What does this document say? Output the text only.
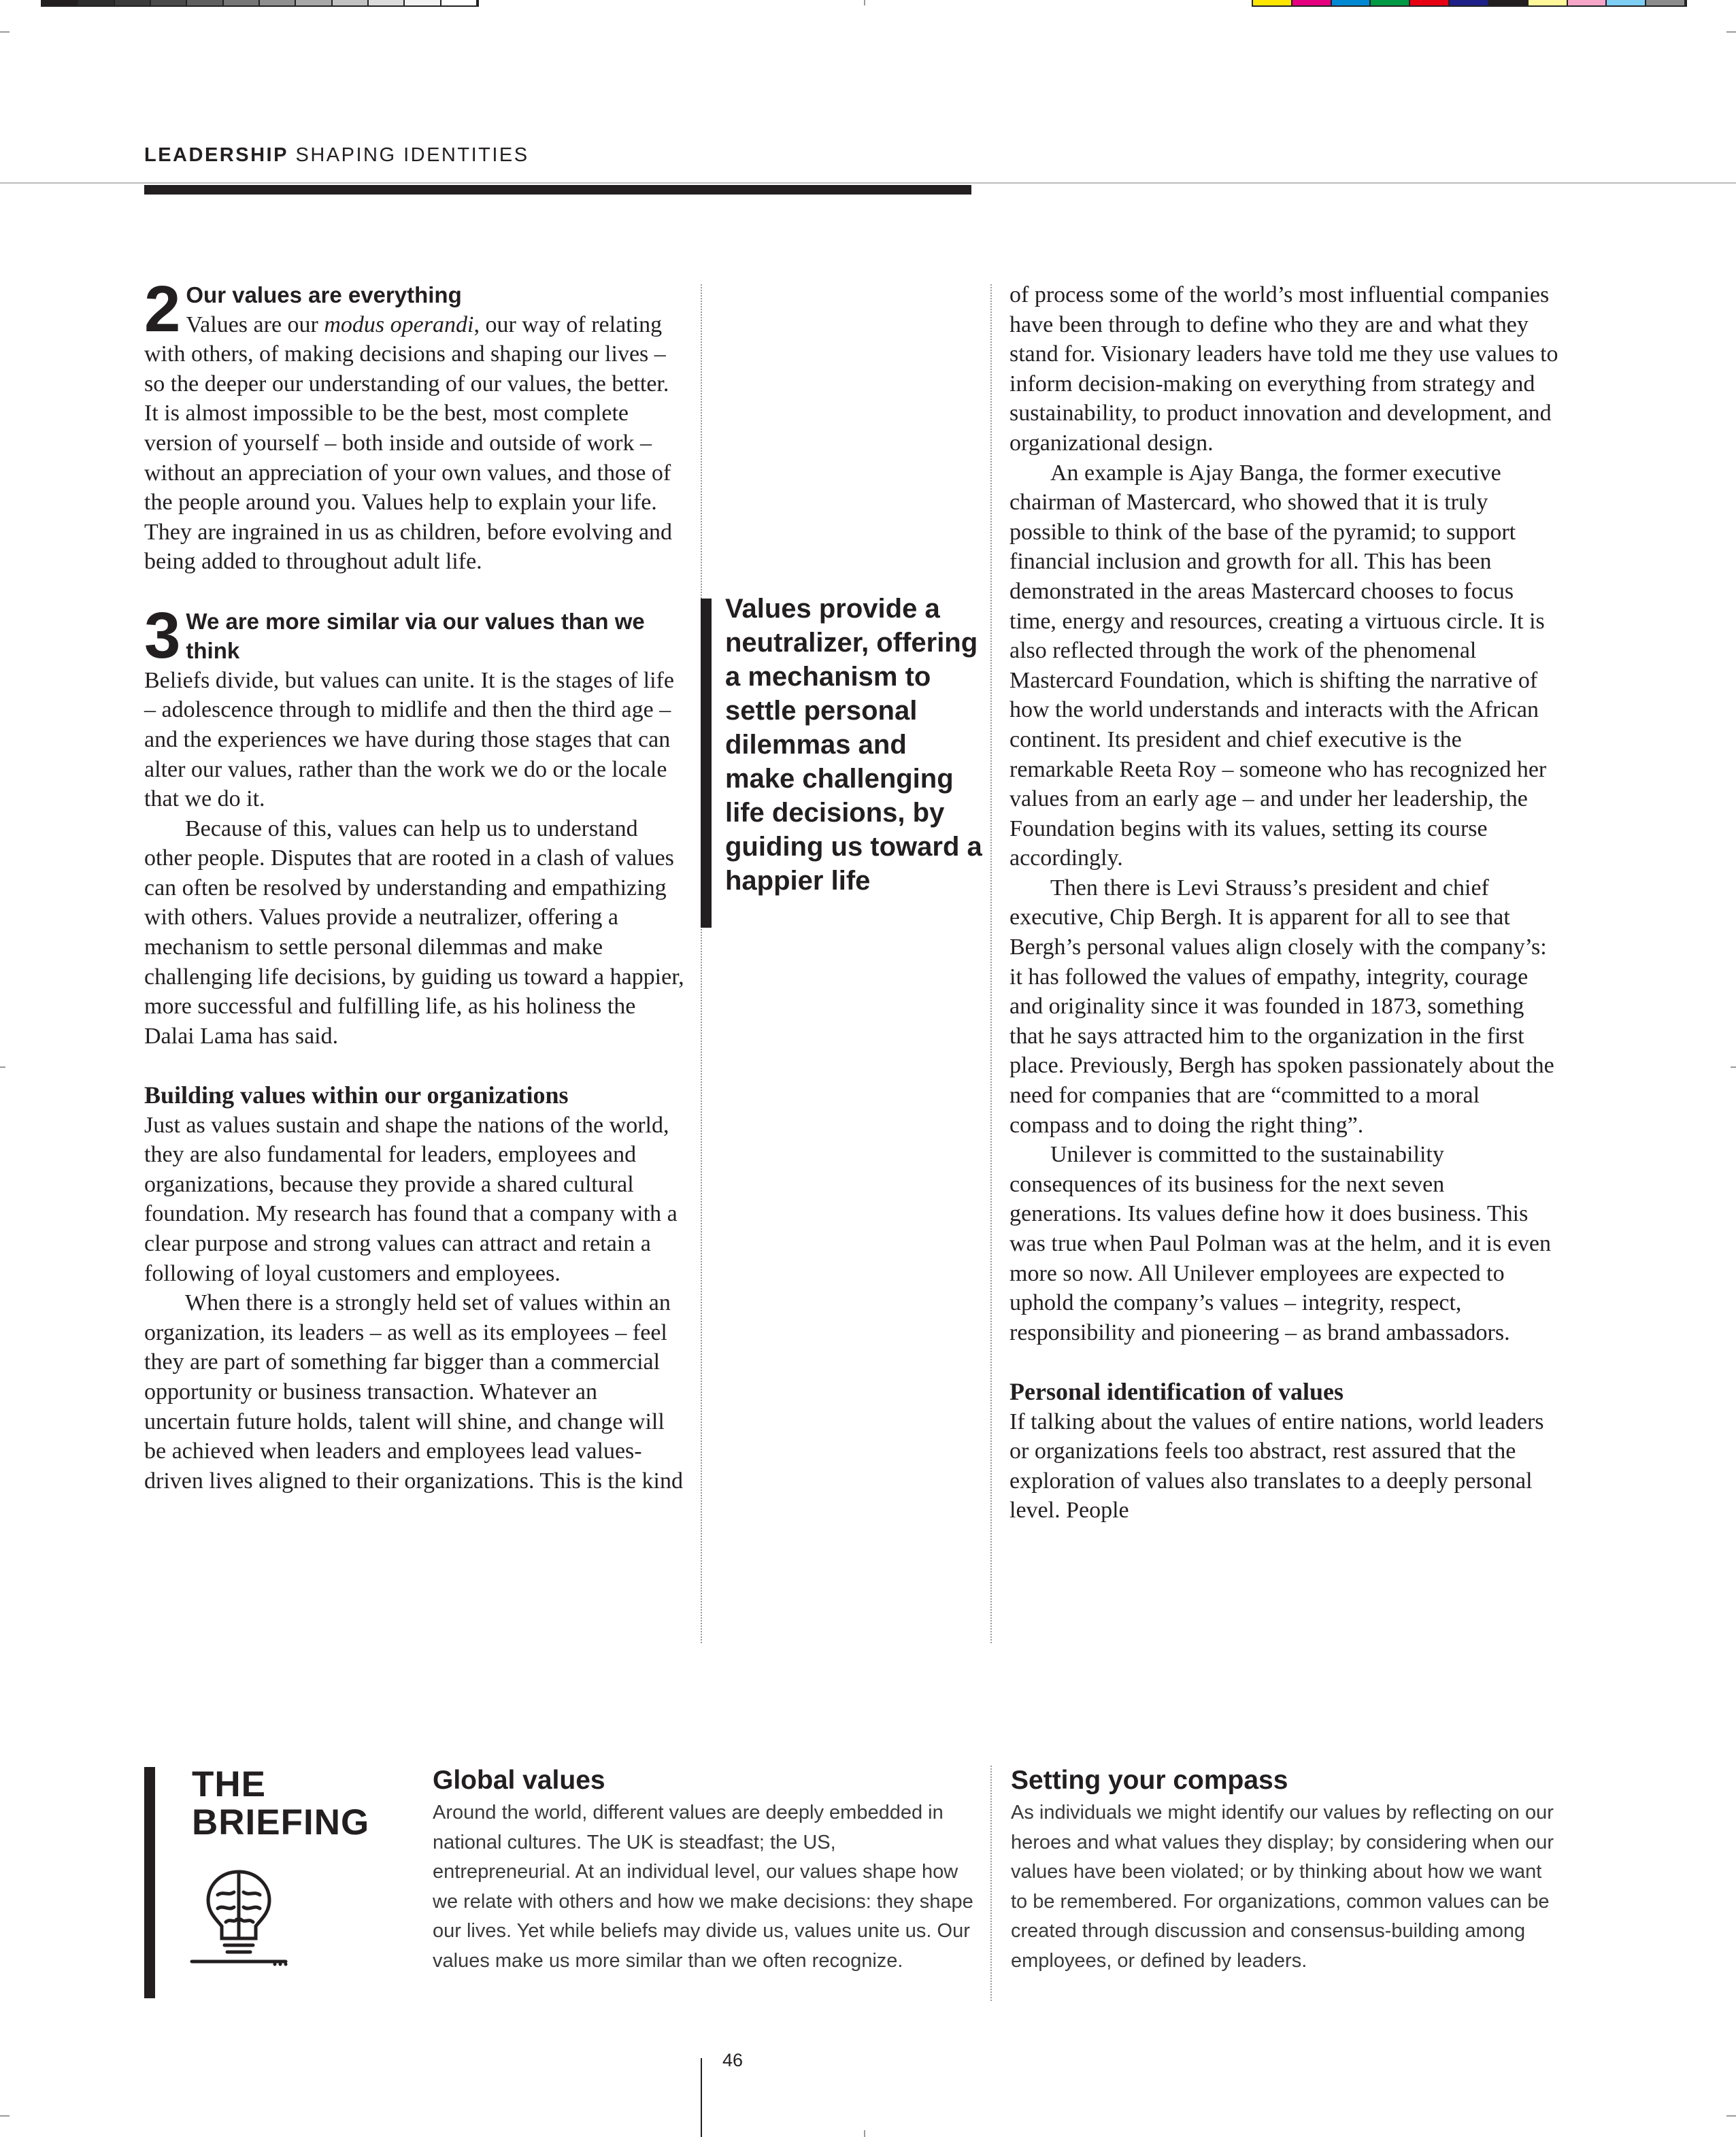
LEADERSHIP SHAPING IDENTITIES
2 Our values are everything

Values are our modus operandi, our way of relating with others, of making decisions and shaping our lives – so the deeper our understanding of our values, the better. It is almost impossible to be the best, most complete version of yourself – both inside and outside of work – without an appreciation of your own values, and those of the people around you. Values help to explain your life. They are ingrained in us as children, before evolving and being added to throughout adult life.

3 We are more similar via our values than we think

Beliefs divide, but values can unite. It is the stages of life – adolescence through to midlife and then the third age – and the experiences we have during those stages that can alter our values, rather than the work we do or the locale that we do it.

Because of this, values can help us to understand other people. Disputes that are rooted in a clash of values can often be resolved by understanding and empathizing with others. Values provide a neutralizer, offering a mechanism to settle personal dilemmas and make challenging life decisions, by guiding us toward a happier, more successful and fulfilling life, as his holiness the Dalai Lama has said.

Building values within our organizations

Just as values sustain and shape the nations of the world, they are also fundamental for leaders, employees and organizations, because they provide a shared cultural foundation. My research has found that a company with a clear purpose and strong values can attract and retain a following of loyal customers and employees.

When there is a strongly held set of values within an organization, its leaders – as well as its employees – feel they are part of something far bigger than a commercial opportunity or business transaction. Whatever an uncertain future holds, talent will shine, and change will be achieved when leaders and employees lead values-driven lives aligned to their organizations. This is the kind

Values provide a neutralizer, offering a mechanism to settle personal dilemmas and make challenging life decisions, by guiding us toward a happier life

of process some of the world’s most influential companies have been through to define who they are and what they stand for. Visionary leaders have told me they use values to inform decision-making on everything from strategy and sustainability, to product innovation and development, and organizational design.

An example is Ajay Banga, the former executive chairman of Mastercard, who showed that it is truly possible to think of the base of the pyramid; to support financial inclusion and growth for all. This has been demonstrated in the areas Mastercard chooses to focus time, energy and resources, creating a virtuous circle. It is also reflected through the work of the phenomenal Mastercard Foundation, which is shifting the narrative of how the world understands and interacts with the African continent. Its president and chief executive is the remarkable Reeta Roy – someone who has recognized her values from an early age – and under her leadership, the Foundation begins with its values, setting its course accordingly.

Then there is Levi Strauss’s president and chief executive, Chip Bergh. It is apparent for all to see that Bergh’s personal values align closely with the company’s: it has followed the values of empathy, integrity, courage and originality since it was founded in 1873, something that he says attracted him to the organization in the first place. Previously, Bergh has spoken passionately about the need for companies that are “committed to a moral compass and to doing the right thing”.

Unilever is committed to the sustainability consequences of its business for the next seven generations. Its values define how it does business. This was true when Paul Polman was at the helm, and it is even more so now. All Unilever employees are expected to uphold the company’s values – integrity, respect, responsibility and pioneering – as brand ambassadors.

Personal identification of values

If talking about the values of entire nations, world leaders or organizations feels too abstract, rest assured that the exploration of values also translates to a deeply personal level. People

THE
BRIEFING
Global values

Around the world, different values are deeply embedded in national cultures. The UK is steadfast; the US, entrepreneurial. At an individual level, our values shape how we relate with others and how we make decisions: they shape our lives. Yet while beliefs may divide us, values unite us. Our values make us more similar than we often recognize.

Setting your compass

As individuals we might identify our values by reflecting on our heroes and what values they display; by considering when our values have been violated; or by thinking about how we want to be remembered. For organizations, common values can be created through discussion and consensus-building among employees, or defined by leaders.

46
